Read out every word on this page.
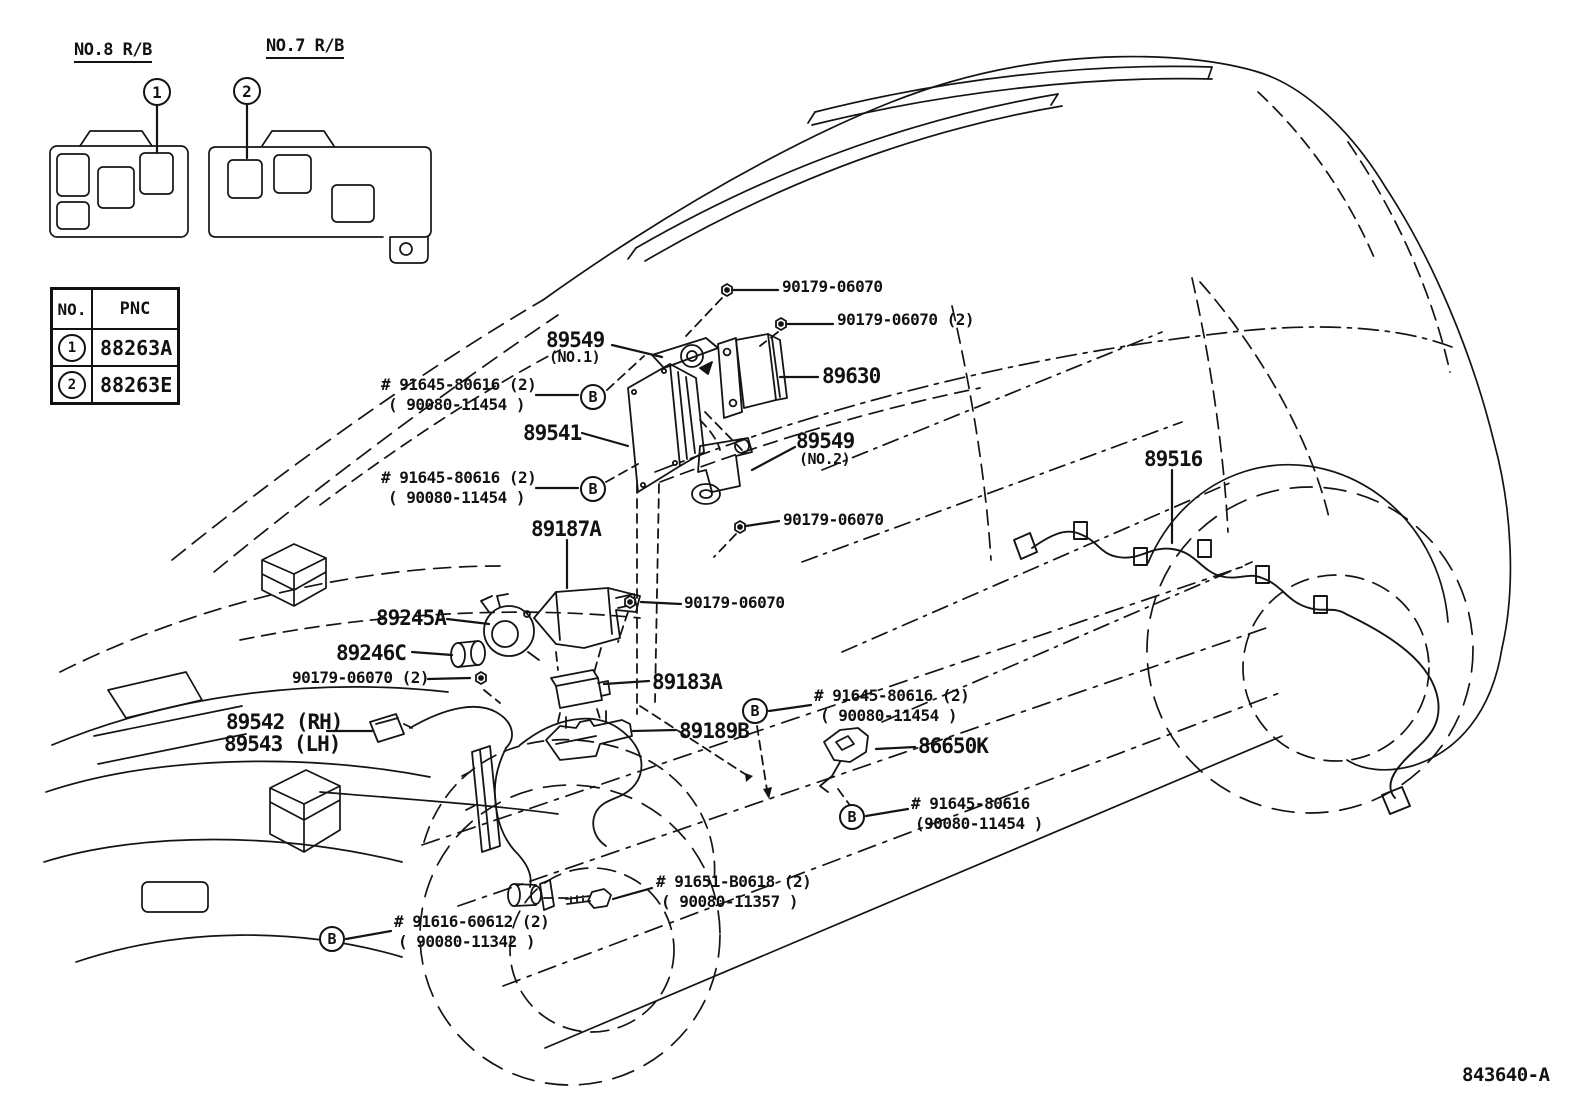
NO.8 R/B	NO.7 R/B
1	2
NO.	PNC
1	88263A
2	88263E
90179-06070
90179-06070 (2)
89549
(NO.1)
89630
# 91645-80616 (2)
( 90080-11454 )	B
89541	89549
(NO.2)
# 91645-80616 (2)
( 90080-11454 )	B
90179-06070
89187A
90179-06070
89245A
89246C
90179-06070 (2)	89183A
89542 (RH)
89543 (LH)
89189B
B
# 91645-80616 (2)
( 90080-11454 )
86650K
B
# 91645-80616
(90080-11454 )
# 91651-B0618 (2)
( 90080-11357 )
B
# 91616-60612 (2)
( 90080-11342 )
89516
843640-A
